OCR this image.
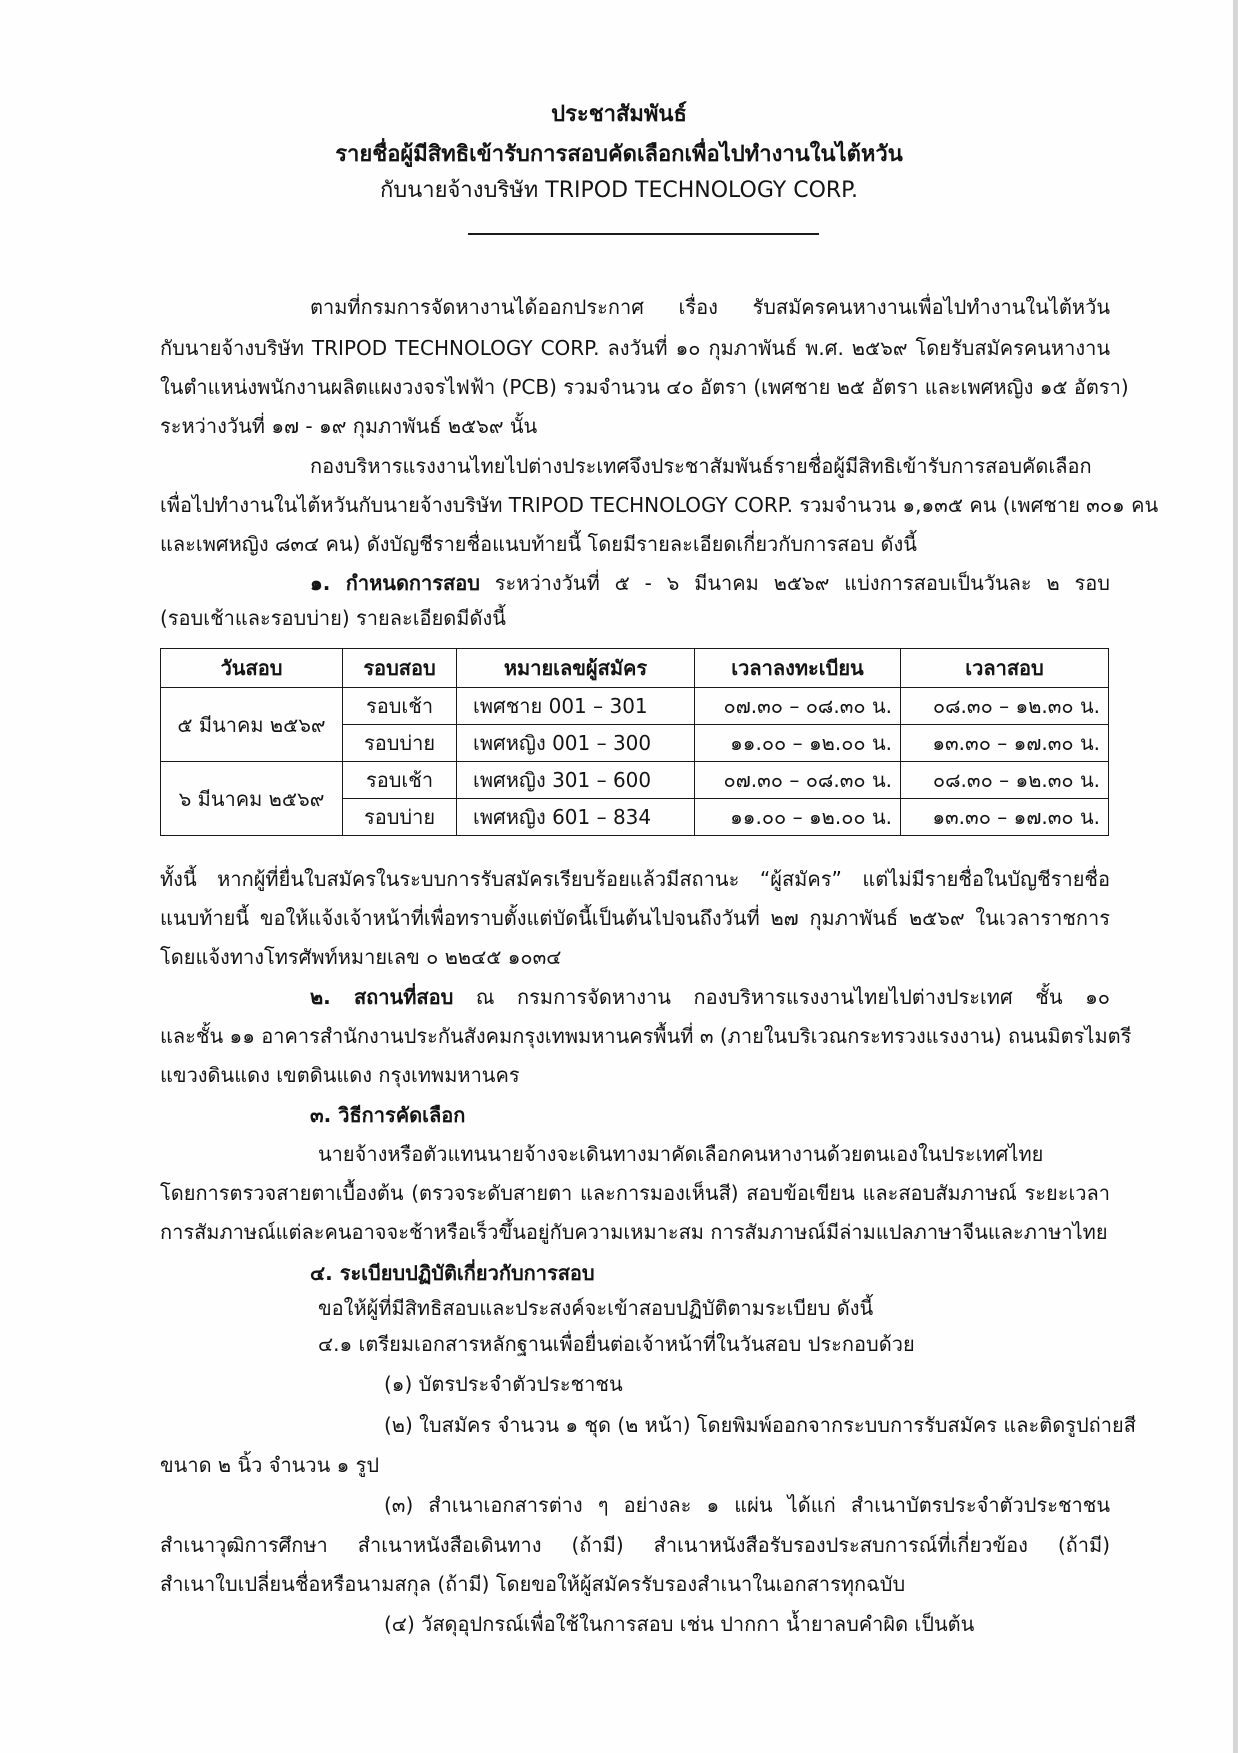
ประชาสัมพันธ์
รายชื่อผู้มีสิทธิเข้ารับการสอบคัดเลือกเพื่อไปทำงานในไต้หวัน
กับนายจ้างบริษัท TRIPOD TECHNOLOGY CORP.
ตามที่กรมการจัดหางานได้ออกประกาศ เรื่อง รับสมัครคนหางานเพื่อไปทำงานในไต้หวัน
กับนายจ้างบริษัท TRIPOD TECHNOLOGY CORP. ลงวันที่ ๑๐ กุมภาพันธ์ พ.ศ. ๒๕๖๙ โดยรับสมัครคนหางาน
ในตำแหน่งพนักงานผลิตแผงวงจรไฟฟ้า (PCB) รวมจำนวน ๔๐ อัตรา (เพศชาย ๒๕ อัตรา และเพศหญิง ๑๕ อัตรา)
ระหว่างวันที่ ๑๗ - ๑๙ กุมภาพันธ์ ๒๕๖๙ นั้น
กองบริหารแรงงานไทยไปต่างประเทศจึงประชาสัมพันธ์รายชื่อผู้มีสิทธิเข้ารับการสอบคัดเลือก
เพื่อไปทำงานในไต้หวันกับนายจ้างบริษัท TRIPOD TECHNOLOGY CORP. รวมจำนวน ๑,๑๓๕ คน (เพศชาย ๓๐๑ คน
และเพศหญิง ๘๓๔ คน) ดังบัญชีรายชื่อแนบท้ายนี้ โดยมีรายละเอียดเกี่ยวกับการสอบ ดังนี้
๑. กำหนดการสอบ ระหว่างวันที่ ๕ - ๖ มีนาคม ๒๕๖๙ แบ่งการสอบเป็นวันละ ๒ รอบ
(รอบเช้าและรอบบ่าย) รายละเอียดมีดังนี้
วันสอบ	รอบสอบ	หมายเลขผู้สมัคร	เวลาลงทะเบียน	เวลาสอบ
๕ มีนาคม ๒๕๖๙	รอบเช้า	เพศชาย 001 – 301	๐๗.๓๐ – ๐๘.๓๐ น.	๐๘.๓๐ – ๑๒.๓๐ น.
	รอบบ่าย	เพศหญิง 001 – 300	๑๑.๐๐ – ๑๒.๐๐ น.	๑๓.๓๐ – ๑๗.๓๐ น.
๖ มีนาคม ๒๕๖๙	รอบเช้า	เพศหญิง 301 – 600	๐๗.๓๐ – ๐๘.๓๐ น.	๐๘.๓๐ – ๑๒.๓๐ น.
	รอบบ่าย	เพศหญิง 601 – 834	๑๑.๐๐ – ๑๒.๐๐ น.	๑๓.๓๐ – ๑๗.๓๐ น.
ทั้งนี้ หากผู้ที่ยื่นใบสมัครในระบบการรับสมัครเรียบร้อยแล้วมีสถานะ “ผู้สมัคร” แต่ไม่มีรายชื่อในบัญชีรายชื่อ
แนบท้ายนี้ ขอให้แจ้งเจ้าหน้าที่เพื่อทราบตั้งแต่บัดนี้เป็นต้นไปจนถึงวันที่ ๒๗ กุมภาพันธ์ ๒๕๖๙ ในเวลาราชการ
โดยแจ้งทางโทรศัพท์หมายเลข ๐ ๒๒๔๕ ๑๐๓๔
๒. สถานที่สอบ ณ กรมการจัดหางาน กองบริหารแรงงานไทยไปต่างประเทศ ชั้น ๑๐
และชั้น ๑๑ อาคารสำนักงานประกันสังคมกรุงเทพมหานครพื้นที่ ๓ (ภายในบริเวณกระทรวงแรงงาน) ถนนมิตรไมตรี
แขวงดินแดง เขตดินแดง กรุงเทพมหานคร
๓. วิธีการคัดเลือก
นายจ้างหรือตัวแทนนายจ้างจะเดินทางมาคัดเลือกคนหางานด้วยตนเองในประเทศไทย
โดยการตรวจสายตาเบื้องต้น (ตรวจระดับสายตา และการมองเห็นสี) สอบข้อเขียน และสอบสัมภาษณ์ ระยะเวลา
การสัมภาษณ์แต่ละคนอาจจะช้าหรือเร็วขึ้นอยู่กับความเหมาะสม การสัมภาษณ์มีล่ามแปลภาษาจีนและภาษาไทย
๔. ระเบียบปฏิบัติเกี่ยวกับการสอบ
ขอให้ผู้ที่มีสิทธิสอบและประสงค์จะเข้าสอบปฏิบัติตามระเบียบ ดังนี้
๔.๑ เตรียมเอกสารหลักฐานเพื่อยื่นต่อเจ้าหน้าที่ในวันสอบ ประกอบด้วย
(๑) บัตรประจำตัวประชาชน
(๒) ใบสมัคร จำนวน ๑ ชุด (๒ หน้า) โดยพิมพ์ออกจากระบบการรับสมัคร และติดรูปถ่ายสี
ขนาด ๒ นิ้ว จำนวน ๑ รูป
(๓) สำเนาเอกสารต่าง ๆ อย่างละ ๑ แผ่น ได้แก่ สำเนาบัตรประจำตัวประชาชน
สำเนาวุฒิการศึกษา สำเนาหนังสือเดินทาง (ถ้ามี) สำเนาหนังสือรับรองประสบการณ์ที่เกี่ยวข้อง (ถ้ามี)
สำเนาใบเปลี่ยนชื่อหรือนามสกุล (ถ้ามี) โดยขอให้ผู้สมัครรับรองสำเนาในเอกสารทุกฉบับ
(๔) วัสดุอุปกรณ์เพื่อใช้ในการสอบ เช่น ปากกา น้ำยาลบคำผิด เป็นต้น
